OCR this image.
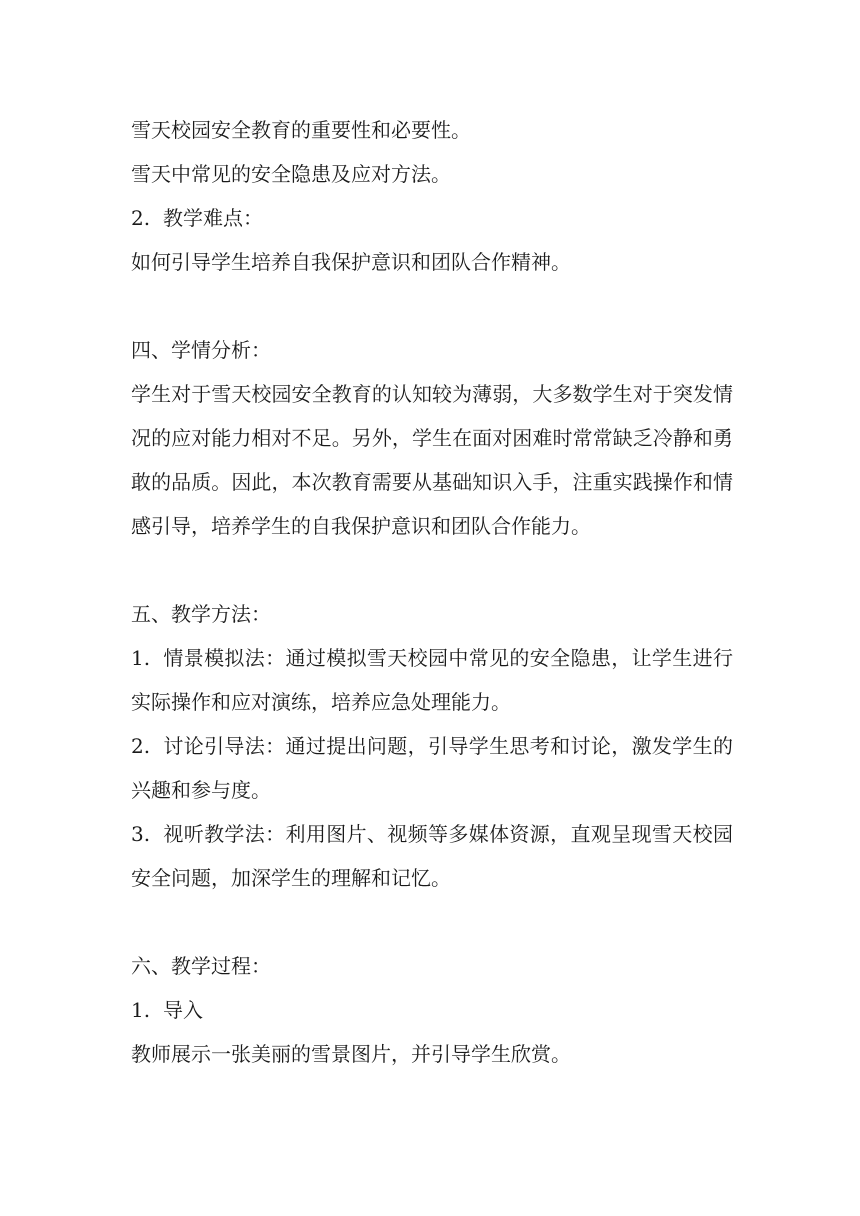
雪天校园安全教育的重要性和必要性。

雪天中常见的安全隐患及应对方法。

2. 教学难点：

如何引导学生培养自我保护意识和团队合作精神。

四、学情分析：

学生对于雪天校园安全教育的认知较为薄弱，大多数学生对于突发情况的应对能力相对不足。另外，学生在面对困难时常常缺乏冷静和勇敢的品质。因此，本次教育需要从基础知识入手，注重实践操作和情感引导，培养学生的自我保护意识和团队合作能力。

五、教学方法：

1. 情景模拟法：通过模拟雪天校园中常见的安全隐患，让学生进行实际操作和应对演练，培养应急处理能力。

2. 讨论引导法：通过提出问题，引导学生思考和讨论，激发学生的兴趣和参与度。

3. 视听教学法：利用图片、视频等多媒体资源，直观呈现雪天校园安全问题，加深学生的理解和记忆。

六、教学过程：

1. 导入

教师展示一张美丽的雪景图片，并引导学生欣赏。
